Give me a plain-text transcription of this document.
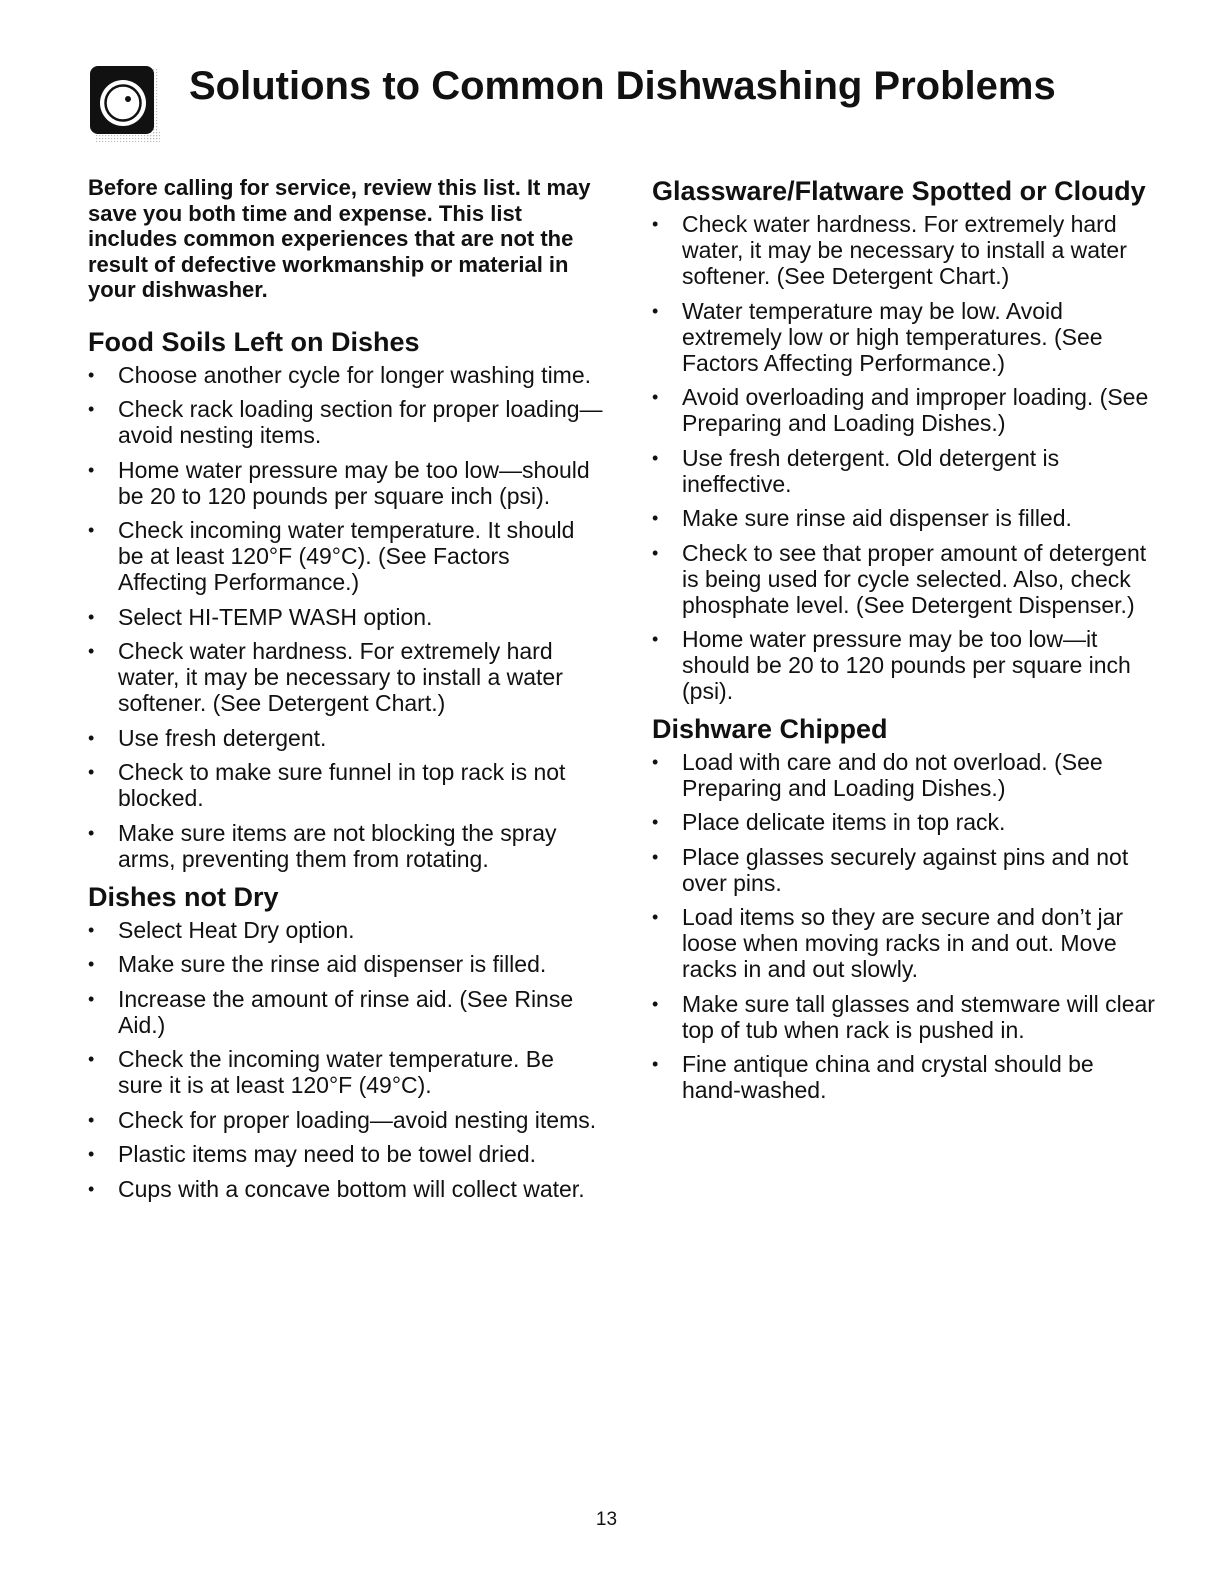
Solutions to Common Dishwashing Problems

Before calling for service, review this list. It may save you both time and expense. This list includes common experiences that are not the result of defective workmanship or material in your dishwasher.

Food Soils Left on Dishes
• Choose another cycle for longer washing time.
• Check rack loading section for proper loading—avoid nesting items.
• Home water pressure may be too low—should be 20 to 120 pounds per square inch (psi).
• Check incoming water temperature. It should be at least 120°F (49°C). (See Factors Affecting Performance.)
• Select HI-TEMP WASH option.
• Check water hardness. For extremely hard water, it may be necessary to install a water softener. (See Detergent Chart.)
• Use fresh detergent.
• Check to make sure funnel in top rack is not blocked.
• Make sure items are not blocking the spray arms, preventing them from rotating.
Dishes not Dry
• Select Heat Dry option.
• Make sure the rinse aid dispenser is filled.
• Increase the amount of rinse aid. (See Rinse Aid.)
• Check the incoming water temperature. Be sure it is at least 120°F (49°C).
• Check for proper loading—avoid nesting items.
• Plastic items may need to be towel dried.
• Cups with a concave bottom will collect water.
Glassware/Flatware Spotted or Cloudy
• Check water hardness. For extremely hard water, it may be necessary to install a water softener. (See Detergent Chart.)
• Water temperature may be low. Avoid extremely low or high temperatures. (See Factors Affecting Performance.)
• Avoid overloading and improper loading. (See Preparing and Loading Dishes.)
• Use fresh detergent. Old detergent is ineffective.
• Make sure rinse aid dispenser is filled.
• Check to see that proper amount of detergent is being used for cycle selected. Also, check phosphate level. (See Detergent Dispenser.)
• Home water pressure may be too low—it should be 20 to 120 pounds per square inch (psi).
Dishware Chipped
• Load with care and do not overload. (See Preparing and Loading Dishes.)
• Place delicate items in top rack.
• Place glasses securely against pins and not over pins.
• Load items so they are secure and don’t jar loose when moving racks in and out. Move racks in and out slowly.
• Make sure tall glasses and stemware will clear top of tub when rack is pushed in.
• Fine antique china and crystal should be hand-washed.
13
